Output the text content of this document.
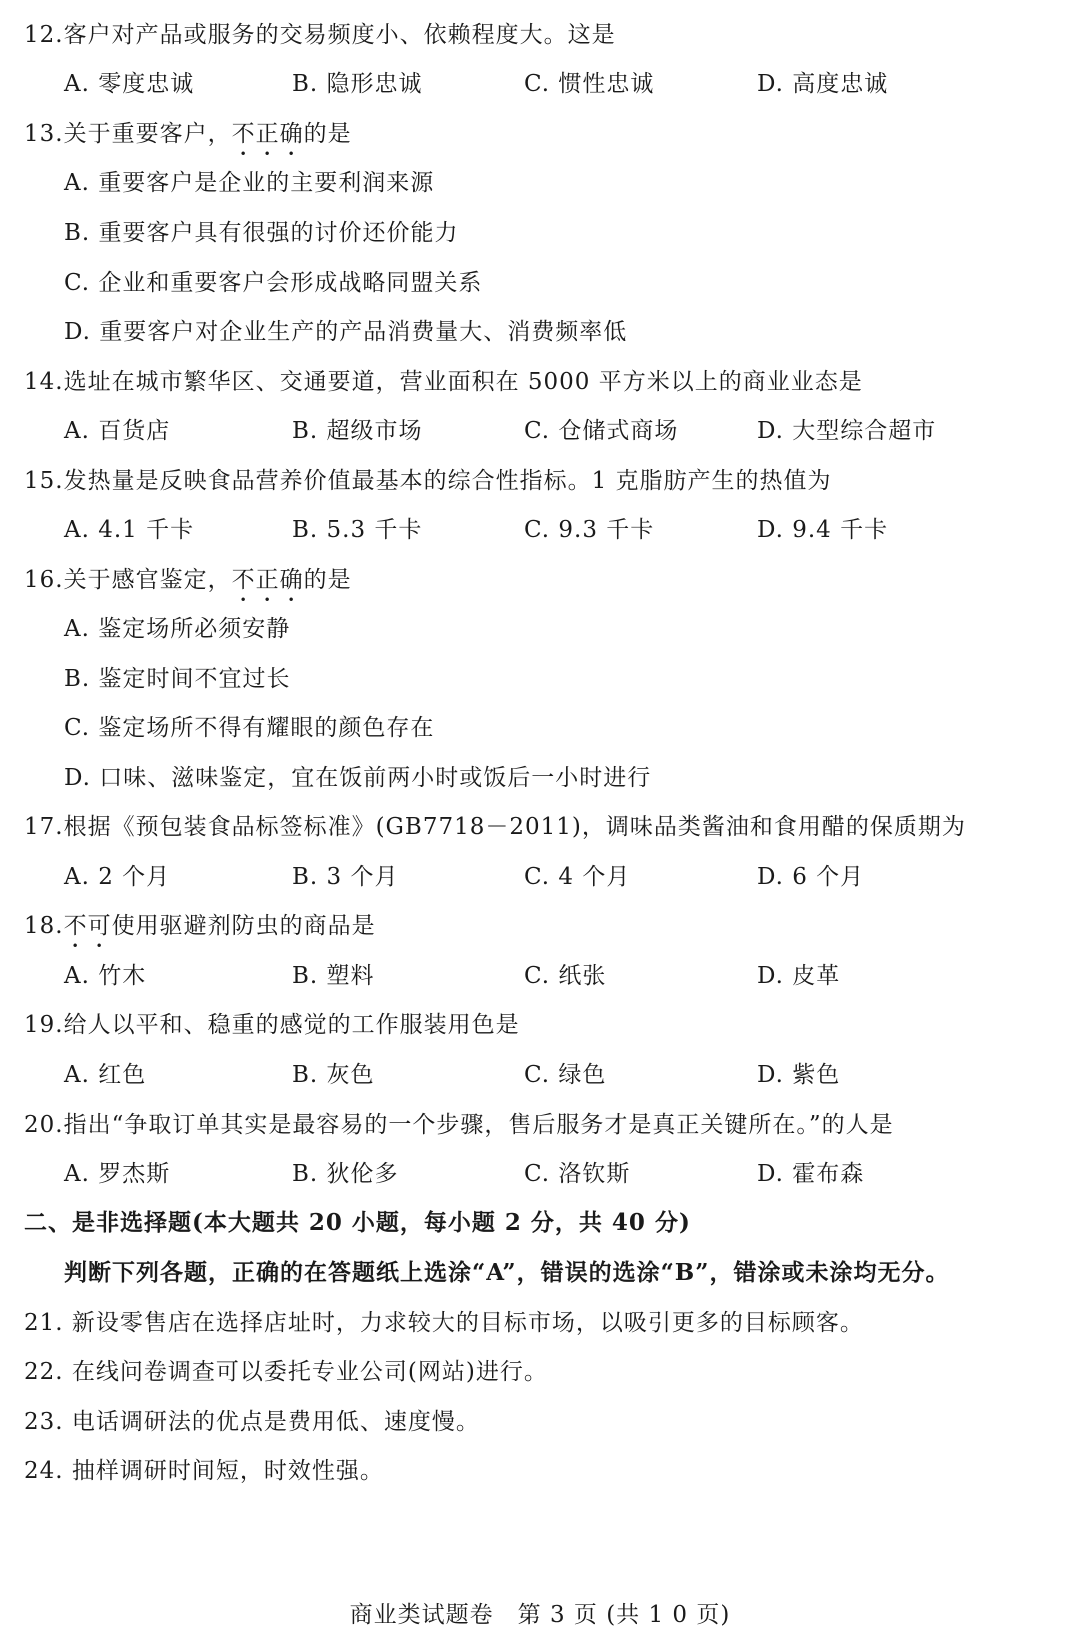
12.客户对产品或服务的交易频度小、依赖程度大。这是
A. 零度忠诚	B. 隐形忠诚	C. 惯性忠诚	D. 高度忠诚
13.关于重要客户，不正确的是
A. 重要客户是企业的主要利润来源
B. 重要客户具有很强的讨价还价能力
C. 企业和重要客户会形成战略同盟关系
D. 重要客户对企业生产的产品消费量大、消费频率低
14.选址在城市繁华区、交通要道，营业面积在 5000 平方米以上的商业业态是
A. 百货店	B. 超级市场	C. 仓储式商场	D. 大型综合超市
15.发热量是反映食品营养价值最基本的综合性指标。1 克脂肪产生的热值为
A. 4.1 千卡	B. 5.3 千卡	C. 9.3 千卡	D. 9.4 千卡
16.关于感官鉴定，不正确的是
A. 鉴定场所必须安静
B. 鉴定时间不宜过长
C. 鉴定场所不得有耀眼的颜色存在
D. 口味、滋味鉴定，宜在饭前两小时或饭后一小时进行
17.根据《预包装食品标签标准》(GB7718－2011)，调味品类酱油和食用醋的保质期为
A. 2 个月	B. 3 个月	C. 4 个月	D. 6 个月
18.不可使用驱避剂防虫的商品是
A. 竹木	B. 塑料	C. 纸张	D. 皮革
19.给人以平和、稳重的感觉的工作服装用色是
A. 红色	B. 灰色	C. 绿色	D. 紫色
20.指出“争取订单其实是最容易的一个步骤，售后服务才是真正关键所在。”的人是
A. 罗杰斯	B. 狄伦多	C. 洛钦斯	D. 霍布森
二、是非选择题(本大题共 20 小题，每小题 2 分，共 40 分)
判断下列各题，正确的在答题纸上选涂“A”，错误的选涂“B”，错涂或未涂均无分。
21. 新设零售店在选择店址时，力求较大的目标市场，以吸引更多的目标顾客。
22. 在线问卷调查可以委托专业公司(网站)进行。
23. 电话调研法的优点是费用低、速度慢。
24. 抽样调研时间短，时效性强。
商业类试题卷　第 3 页 (共 1 0 页)
